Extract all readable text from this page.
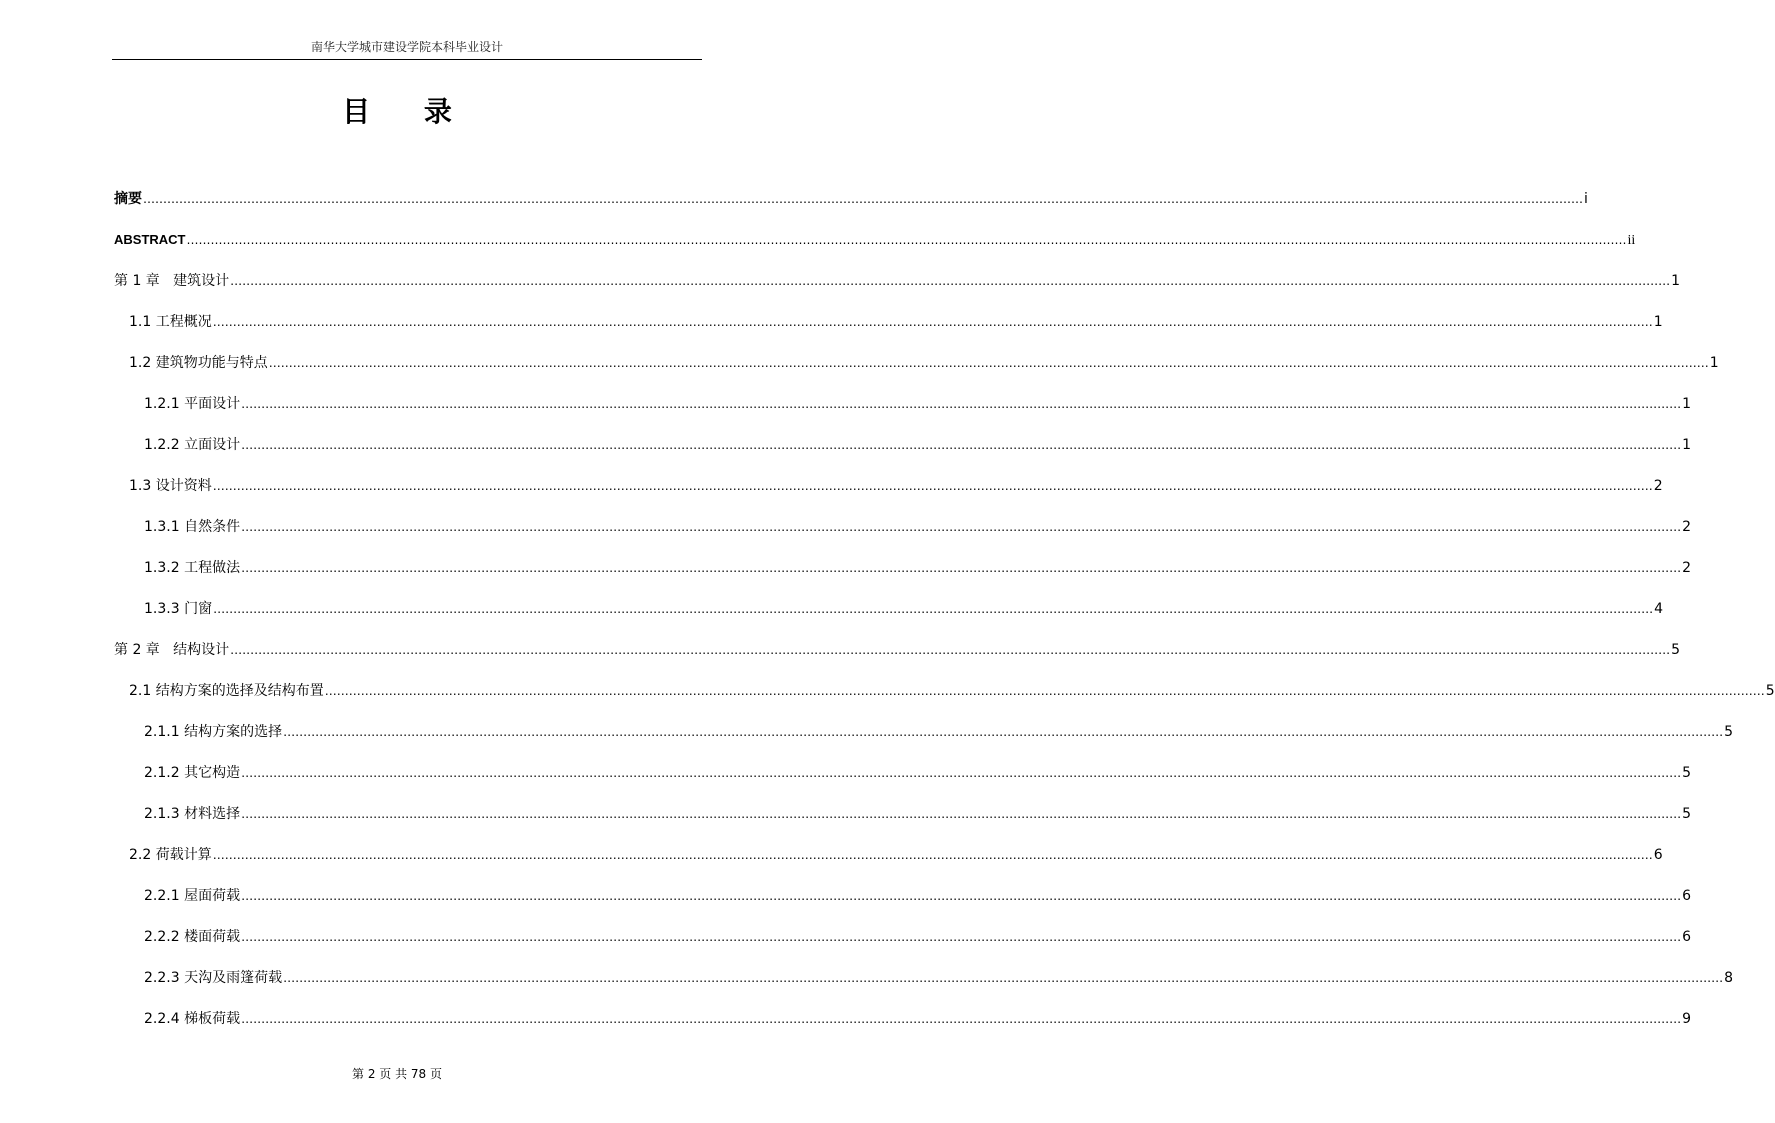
南华大学城市建设学院本科毕业设计
目 录
摘要 ……………………………………………………………………………………………………………………………………………………………………………………………………………………………………………………………………………………………………………………………… i
ABSTRACT ……………………………………………………………………………………………………………………………………………………………………………………………………………………………………………………………………………………………………………………………… ii
第 1 章   建筑设计 ……………………………………………………………………………………………………………………………………………………………………………………………………………………………………………………………………………………………………………………………… 1
1.1 工程概况 ……………………………………………………………………………………………………………………………………………………………………………………………………………………………………………………………………………………………………………………………… 1
1.2 建筑物功能与特点 ……………………………………………………………………………………………………………………………………………………………………………………………………………………………………………………………………………………………………………………………… 1
1.2.1 平面设计 ……………………………………………………………………………………………………………………………………………………………………………………………………………………………………………………………………………………………………………………………… 1
1.2.2 立面设计 ……………………………………………………………………………………………………………………………………………………………………………………………………………………………………………………………………………………………………………………………… 1
1.3 设计资料 ……………………………………………………………………………………………………………………………………………………………………………………………………………………………………………………………………………………………………………………………… 2
1.3.1 自然条件 ……………………………………………………………………………………………………………………………………………………………………………………………………………………………………………………………………………………………………………………………… 2
1.3.2 工程做法 ……………………………………………………………………………………………………………………………………………………………………………………………………………………………………………………………………………………………………………………………… 2
1.3.3 门窗 ……………………………………………………………………………………………………………………………………………………………………………………………………………………………………………………………………………………………………………………………… 4
第 2 章   结构设计 ……………………………………………………………………………………………………………………………………………………………………………………………………………………………………………………………………………………………………………………………… 5
2.1 结构方案的选择及结构布置 ……………………………………………………………………………………………………………………………………………………………………………………………………………………………………………………………………………………………………………………………… 5
2.1.1 结构方案的选择 ……………………………………………………………………………………………………………………………………………………………………………………………………………………………………………………………………………………………………………………………… 5
2.1.2 其它构造 ……………………………………………………………………………………………………………………………………………………………………………………………………………………………………………………………………………………………………………………………… 5
2.1.3 材料选择 ……………………………………………………………………………………………………………………………………………………………………………………………………………………………………………………………………………………………………………………………… 5
2.2 荷载计算 ……………………………………………………………………………………………………………………………………………………………………………………………………………………………………………………………………………………………………………………………… 6
2.2.1 屋面荷载 ……………………………………………………………………………………………………………………………………………………………………………………………………………………………………………………………………………………………………………………………… 6
2.2.2 楼面荷载 ……………………………………………………………………………………………………………………………………………………………………………………………………………………………………………………………………………………………………………………………… 6
2.2.3 天沟及雨篷荷载 ……………………………………………………………………………………………………………………………………………………………………………………………………………………………………………………………………………………………………………………………… 8
2.2.4 梯板荷载 ……………………………………………………………………………………………………………………………………………………………………………………………………………………………………………………………………………………………………………………………… 9
第 2 页 共 78 页
